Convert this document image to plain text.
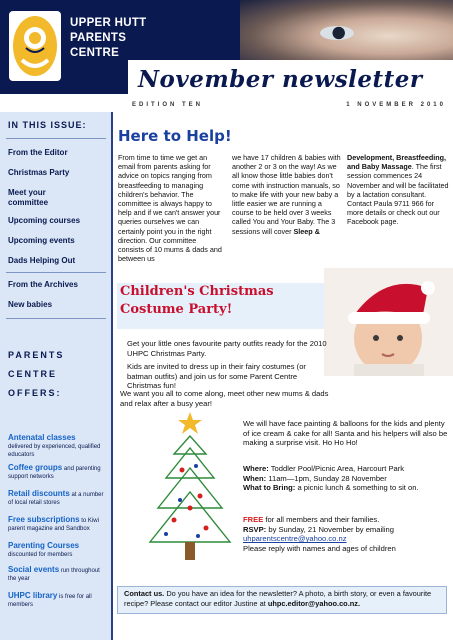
UPPER HUTT
PARENTS
CENTRE
November newsletter
EDITION TEN	1 NOVEMBER 2010
IN THIS ISSUE:
From the Editor
Christmas Party
Meet your committee
Upcoming courses
Upcoming events
Dads Helping Out
From the Archives
New babies
PARENTS
CENTRE
OFFERS:
Antenatal classes
delivered by experienced, qualified educators
Coffee groups and parenting support networks
Retail discounts at a number of local retail stores
Free subscriptions to Kiwi parent magazine and Sandbox
Parenting Courses
discounted for members
Social events run throughout the year
UHPC library is free for all members
Here to Help!
From time to time we get an email from parents asking for advice on topics ranging from breastfeeding to managing children's behavior. The committee is always happy to help and if we can't answer your queries ourselves we can certainly point you in the right direction. Our committee consists of 10 mums & dads and between us
we have 17 children & babies with another 2 or 3 on the way! As we all know those little babies don't come with instruction manuals, so to make life with your new baby a little easier we are running a course to be held over 3 weeks called You and Your Baby. The 3 sessions will cover Sleep &
Development, Breastfeeding, and Baby Massage. The first session commences 24 November and will be facilitated by a lactation consultant. Contact Paula 9711 966 for more details or check out our Facebook page.
Children's Christmas
Costume Party!
Get your little ones favourite party outfits ready for the 2010 UHPC Christmas Party.
Kids are invited to dress up in their fairy costumes (or batman outfits) and join us for some Parent Centre Christmas fun!
We want you all to come along, meet other new mums & dads and relax after a busy year!
We will have face painting & balloons for the kids and plenty of ice cream & cake for all! Santa and his helpers will also be making a surprise visit. Ho Ho Ho!
Where: Toddler Pool/Picnic Area, Harcourt Park
When: 11am—1pm, Sunday 28 November
What to Bring: a picnic lunch & something to sit on.
FREE for all members and their families.
RSVP: by Sunday, 21 November by emailing
uhparentscentre@yahoo.co.nz
Please reply with names and ages of children
Contact us. Do you have an idea for the newsletter? A photo, a birth story, or even a favourite recipe? Please contact our editor Justine at uhpc.editor@yahoo.co.nz.
